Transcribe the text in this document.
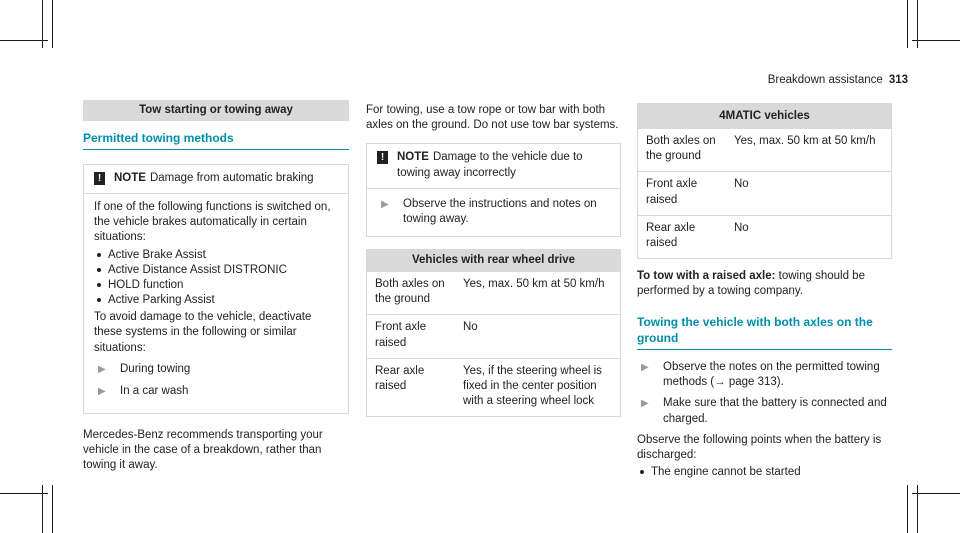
Breakdown assistance 313
Tow starting or towing away
Permitted towing methods
!	NOTE Damage from automatic braking

If one of the following functions is switched on, the vehicle brakes automatically in certain situations:

Active Brake Assist
Active Distance Assist DISTRONIC
HOLD function
Active Parking Assist

To avoid damage to the vehicle, deactivate these systems in the following or similar situations:

▶	During towing
▶	In a car wash

Mercedes-Benz recommends transporting your vehicle in the case of a breakdown, rather than towing it away.

For towing, use a tow rope or tow bar with both axles on the ground. Do not use tow bar systems.

!	NOTE Damage to the vehicle due to towing away incorrectly
▶	Observe the instructions and notes on towing away.
Vehicles with rear wheel drive
Both axles on the ground	Yes, max. 50 km at 50 km/h
Front axle raised	No
Rear axle raised	Yes, if the steering wheel is fixed in the center position with a steering wheel lock
4MATIC vehicles
Both axles on the ground	Yes, max. 50 km at 50 km/h
Front axle raised	No
Rear axle raised	No

To tow with a raised axle: towing should be performed by a towing company.

Towing the vehicle with both axles on the ground
▶	Observe the notes on the permitted towing methods (→ page 313).
▶	Make sure that the battery is connected and charged.

Observe the following points when the battery is discharged:

The engine cannot be started
